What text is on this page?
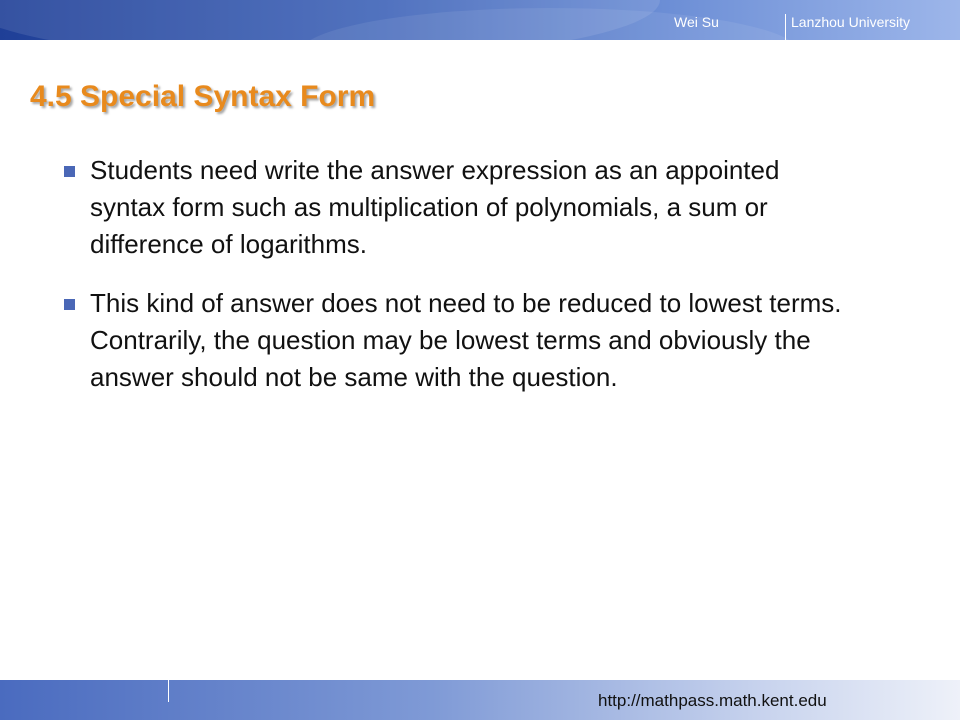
Wei Su	Lanzhou University
4.5 Special Syntax Form
Students need write the answer expression as an appointed syntax form such as multiplication of polynomials, a sum or difference of logarithms.
This kind of answer does not need to be reduced to lowest terms. Contrarily, the question may be lowest terms and obviously the answer should not be same with the question.
http://mathpass.math.kent.edu
